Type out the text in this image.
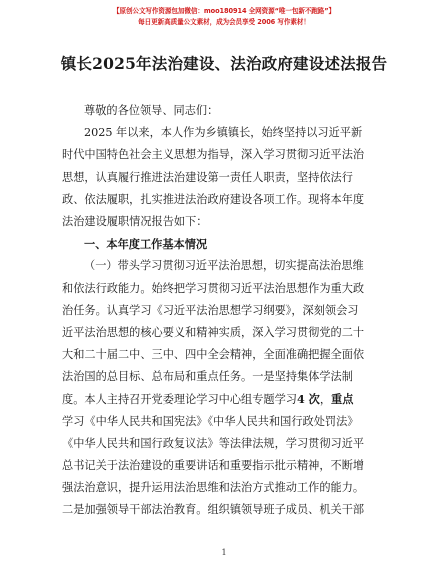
【原创公文写作资源包加微信：moo180914 全网资源“唯一包新不跑路”】
每日更新高质量公文素材，成为会员享受 2006 写作素材！
镇长2025年法治建设、法治政府建设述法报告
尊敬的各位领导、同志们：
2025 年以来，本人作为乡镇镇长，始终坚持以习近平新
时代中国特色社会主义思想为指导，深入学习贯彻习近平法治
思想，认真履行推进法治建设第一责任人职责，坚持依法行
政、依法履职，扎实推进法治政府建设各项工作。现将本年度
法治建设履职情况报告如下：
一、本年度工作基本情况
（一）带头学习贯彻习近平法治思想，切实提高法治思维
和依法行政能力。始终把学习贯彻习近平法治思想作为重大政
治任务。认真学习《习近平法治思想学习纲要》，深刻领会习
近平法治思想的核心要义和精神实质，深入学习贯彻党的二十
大和二十届二中、三中、四中全会精神，全面准确把握全面依
法治国的总目标、总布局和重点任务。一是坚持集体学法制
度。本人主持召开党委理论学习中心组专题学习4 次，重点
学习《中华人民共和国宪法》《中华人民共和国行政处罚法》
《中华人民共和国行政复议法》等法律法规，学习贯彻习近平
总书记关于法治建设的重要讲话和重要指示批示精神，不断增
强法治意识，提升运用法治思维和法治方式推动工作的能力。
二是加强领导干部法治教育。组织镇领导班子成员、机关干部
1
